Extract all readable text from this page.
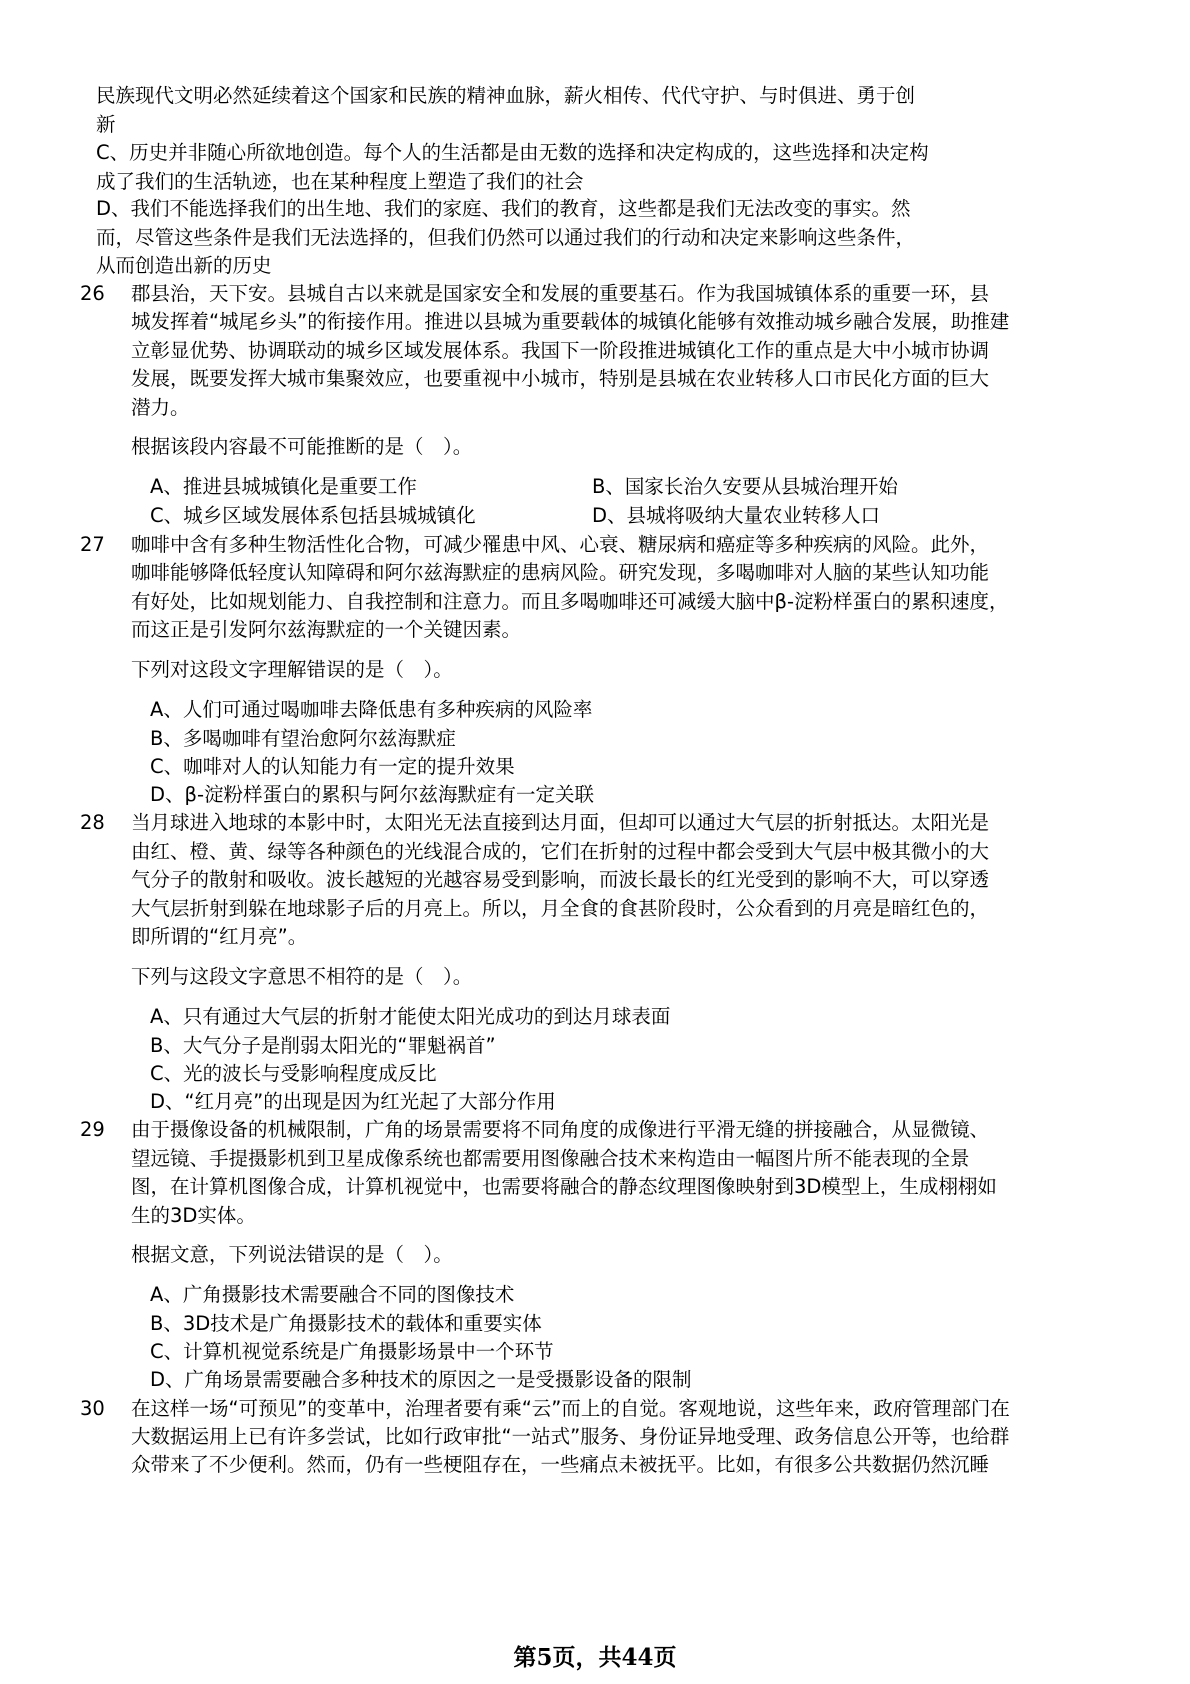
民族现代文明必然延续着这个国家和民族的精神血脉，薪火相传、代代守护、与时俱进、勇于创
新
C、历史并非随心所欲地创造。每个人的生活都是由无数的选择和决定构成的，这些选择和决定构
成了我们的生活轨迹，也在某种程度上塑造了我们的社会
D、我们不能选择我们的出生地、我们的家庭、我们的教育，这些都是我们无法改变的事实。然
而，尽管这些条件是我们无法选择的，但我们仍然可以通过我们的行动和决定来影响这些条件，
从而创造出新的历史
26 郡县治，天下安。县城自古以来就是国家安全和发展的重要基石。作为我国城镇体系的重要一环，县
城发挥着“城尾乡头”的衔接作用。推进以县城为重要载体的城镇化能够有效推动城乡融合发展，助推建
立彰显优势、协调联动的城乡区域发展体系。我国下一阶段推进城镇化工作的重点是大中小城市协调
发展，既要发挥大城市集聚效应，也要重视中小城市，特别是县城在农业转移人口市民化方面的巨大
潜力。
根据该段内容最不可能推断的是（　）。
A、推进县城城镇化是重要工作	B、国家长治久安要从县城治理开始
C、城乡区域发展体系包括县城城镇化	D、县城将吸纳大量农业转移人口
27 咖啡中含有多种生物活性化合物，可减少罹患中风、心衰、糖尿病和癌症等多种疾病的风险。此外，
咖啡能够降低轻度认知障碍和阿尔兹海默症的患病风险。研究发现，多喝咖啡对人脑的某些认知功能
有好处，比如规划能力、自我控制和注意力。而且多喝咖啡还可减缓大脑中β-淀粉样蛋白的累积速度，
而这正是引发阿尔兹海默症的一个关键因素。
下列对这段文字理解错误的是（　）。
A、人们可通过喝咖啡去降低患有多种疾病的风险率
B、多喝咖啡有望治愈阿尔兹海默症
C、咖啡对人的认知能力有一定的提升效果
D、β-淀粉样蛋白的累积与阿尔兹海默症有一定关联
28 当月球进入地球的本影中时，太阳光无法直接到达月面，但却可以通过大气层的折射抵达。太阳光是
由红、橙、黄、绿等各种颜色的光线混合成的，它们在折射的过程中都会受到大气层中极其微小的大
气分子的散射和吸收。波长越短的光越容易受到影响，而波长最长的红光受到的影响不大，可以穿透
大气层折射到躲在地球影子后的月亮上。所以，月全食的食甚阶段时，公众看到的月亮是暗红色的，
即所谓的“红月亮”。
下列与这段文字意思不相符的是（　）。
A、只有通过大气层的折射才能使太阳光成功的到达月球表面
B、大气分子是削弱太阳光的“罪魁祸首”
C、光的波长与受影响程度成反比
D、“红月亮”的出现是因为红光起了大部分作用
29 由于摄像设备的机械限制，广角的场景需要将不同角度的成像进行平滑无缝的拼接融合，从显微镜、
望远镜、手提摄影机到卫星成像系统也都需要用图像融合技术来构造由一幅图片所不能表现的全景
图，在计算机图像合成，计算机视觉中，也需要将融合的静态纹理图像映射到3D模型上，生成栩栩如
生的3D实体。
根据文意，下列说法错误的是（　）。
A、广角摄影技术需要融合不同的图像技术
B、3D技术是广角摄影技术的载体和重要实体
C、计算机视觉系统是广角摄影场景中一个环节
D、广角场景需要融合多种技术的原因之一是受摄影设备的限制
30 在这样一场“可预见”的变革中，治理者要有乘“云”而上的自觉。客观地说，这些年来，政府管理部门在
大数据运用上已有许多尝试，比如行政审批“一站式”服务、身份证异地受理、政务信息公开等，也给群
众带来了不少便利。然而，仍有一些梗阻存在，一些痛点未被抚平。比如，有很多公共数据仍然沉睡
第5页，共44页
